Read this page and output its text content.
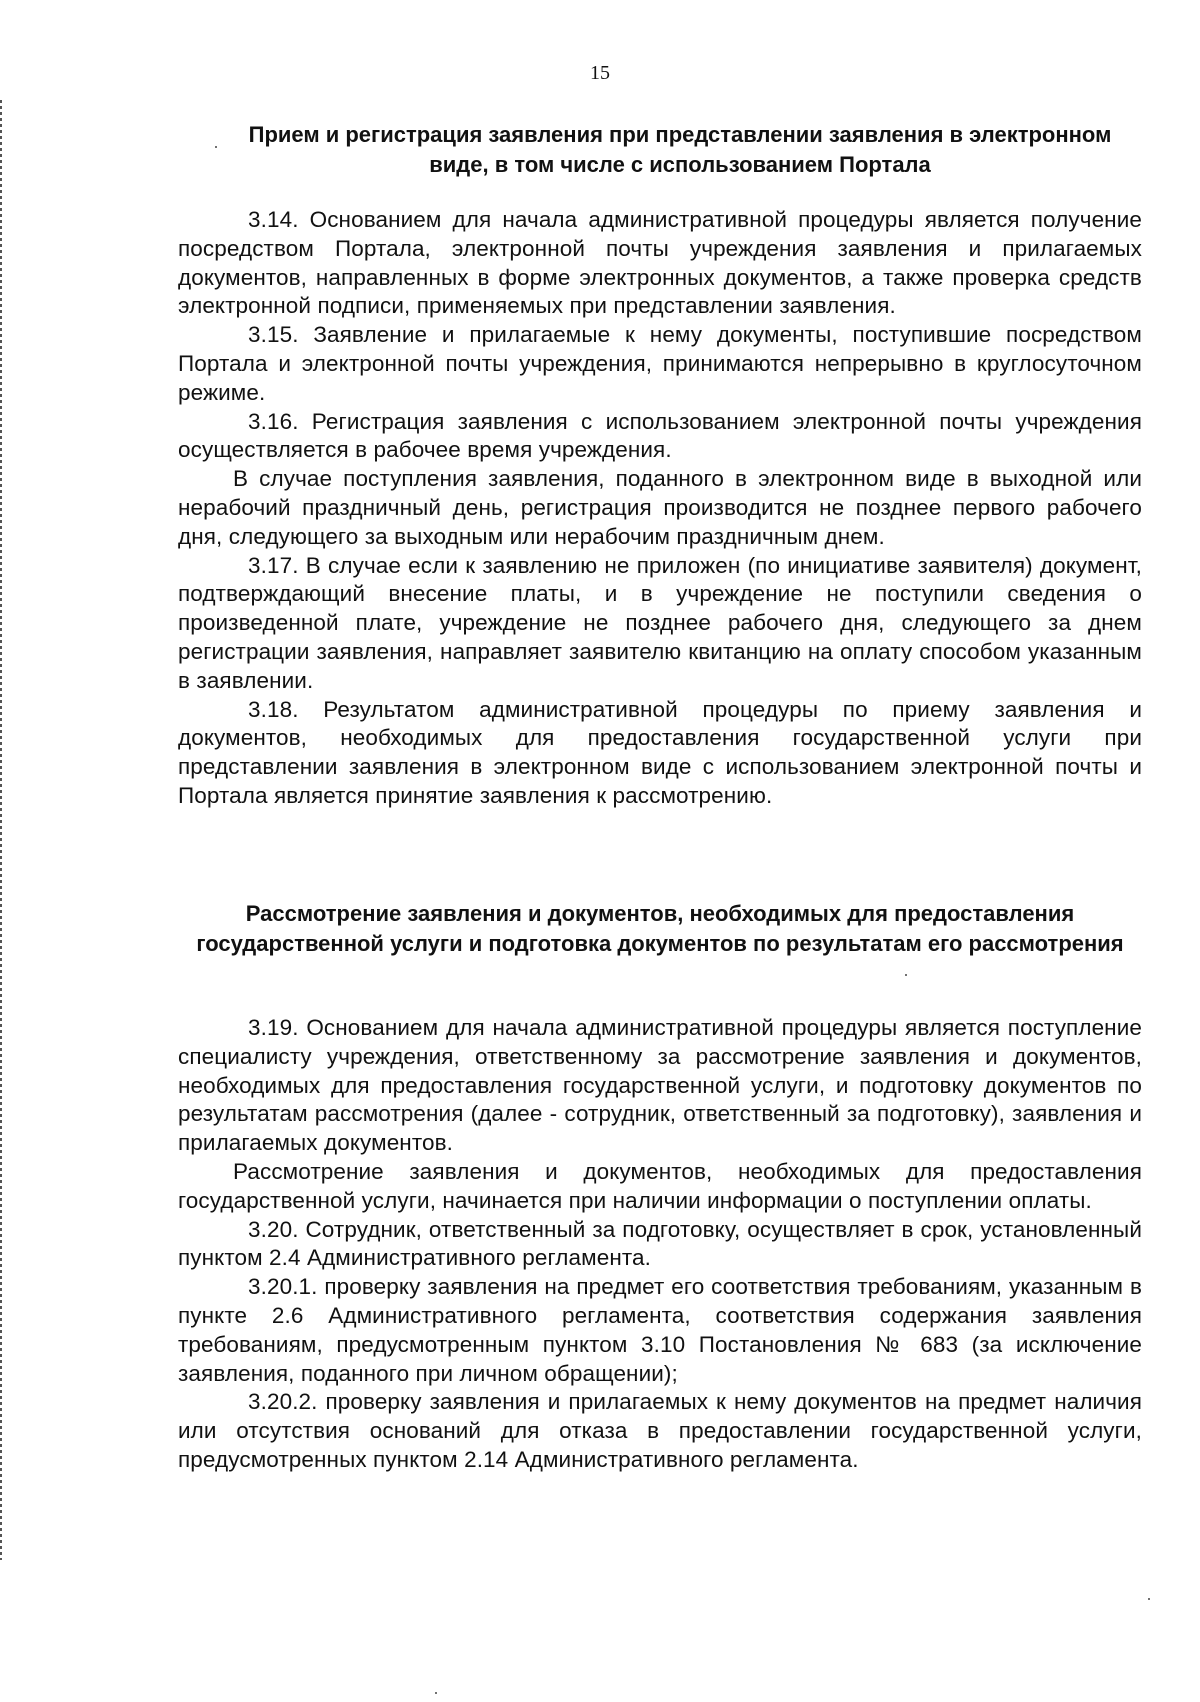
15
Прием и регистрация заявления при представлении заявления в электронном виде, в том числе с использованием Портала

3.14. Основанием для начала административной процедуры является получение посредством Портала, электронной почты учреждения заявления и прилагаемых документов, направленных в форме электронных документов, а также проверка средств электронной подписи, применяемых при представлении заявления.

3.15. Заявление и прилагаемые к нему документы, поступившие посредством Портала и электронной почты учреждения, принимаются непрерывно в круглосуточном режиме.

3.16. Регистрация заявления с использованием электронной почты учреждения осуществляется в рабочее время учреждения.

В случае поступления заявления, поданного в электронном виде в выходной или нерабочий праздничный день, регистрация производится не позднее первого рабочего дня, следующего за выходным или нерабочим праздничным днем.

3.17. В случае если к заявлению не приложен (по инициативе заявителя) документ, подтверждающий внесение платы, и в учреждение не поступили сведения о произведенной плате, учреждение не позднее рабочего дня, следующего за днем регистрации заявления, направляет заявителю квитанцию на оплату способом указанным в заявлении.

3.18. Результатом административной процедуры по приему заявления и документов, необходимых для предоставления государственной услуги при представлении заявления в электронном виде с использованием электронной почты и Портала является принятие заявления к рассмотрению.

Рассмотрение заявления и документов, необходимых для предоставления государственной услуги и подготовка документов по результатам его рассмотрения

3.19. Основанием для начала административной процедуры является поступление специалисту учреждения, ответственному за рассмотрение заявления и документов, необходимых для предоставления государственной услуги, и подготовку документов по результатам рассмотрения (далее - сотрудник, ответственный за подготовку), заявления и прилагаемых документов.

Рассмотрение заявления и документов, необходимых для предоставления государственной услуги, начинается при наличии информации о поступлении оплаты.

3.20. Сотрудник, ответственный за подготовку, осуществляет в срок, установленный пунктом 2.4 Административного регламента.

3.20.1. проверку заявления на предмет его соответствия требованиям, указанным в пункте 2.6 Административного регламента, соответствия содержания заявления требованиям, предусмотренным пунктом 3.10 Постановления № 683 (за исключение заявления, поданного при личном обращении);

3.20.2. проверку заявления и прилагаемых к нему документов на предмет наличия или отсутствия оснований для отказа в предоставлении государственной услуги, предусмотренных пунктом 2.14 Административного регламента.
